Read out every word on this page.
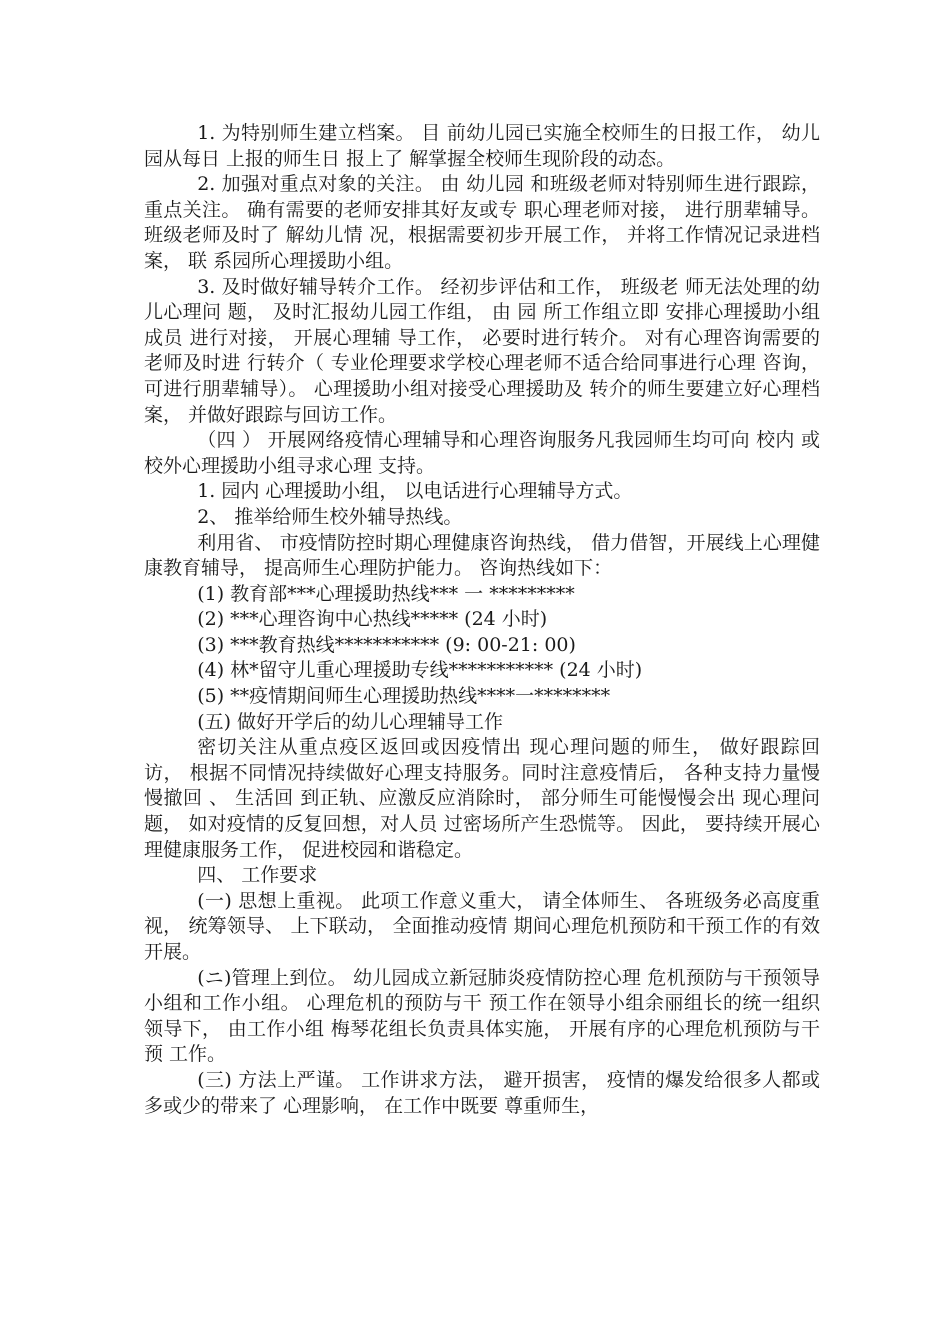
1. 为特别师生建立档案。 目 前幼儿园已实施全校师生的日报工作， 幼儿园从每日 上报的师生日 报上了 解掌握全校师生现阶段的动态。

2. 加强对重点对象的关注。 由 幼儿园 和班级老师对特别师生进行跟踪， 重点关注。 确有需要的老师安排其好友或专 职心理老师对接， 进行朋辈辅导。 班级老师及时了 解幼儿情 况，根据需要初步开展工作， 并将工作情况记录进档案， 联 系园所心理援助小组。

3. 及时做好辅导转介工作。 经初步评估和工作， 班级老 师无法处理的幼儿心理问 题， 及时汇报幼儿园工作组， 由 园 所工作组立即 安排心理援助小组成员 进行对接， 开展心理辅 导工作， 必要时进行转介。 对有心理咨询需要的老师及时进 行转介（ 专业伦理要求学校心理老师不适合给同事进行心理 咨询， 可进行朋辈辅导）。 心理援助小组对接受心理援助及 转介的师生要建立好心理档案， 并做好跟踪与回访工作。

（四 ） 开展网络疫情心理辅导和心理咨询服务凡我园师生均可向 校内 或校外心理援助小组寻求心理 支持。

1. 园内 心理援助小组， 以电话进行心理辅导方式。

2、 推举给师生校外辅导热线。

利用省、 市疫情防控时期心理健康咨询热线， 借力借智，开展线上心理健康教育辅导， 提高师生心理防护能力。 咨询热线如下：

(1) 教育部***心理援助热线*** 一 *********

(2) ***心理咨询中心热线***** (24 小时)

(3) ***教育热线*********** (9: 00-21: 00)

(4) 林*留守儿重心理援助专线*********** (24 小时)

(5) **疫情期间师生心理援助热线****一********

(五) 做好开学后的幼儿心理辅导工作

密切关注从重点疫区返回或因疫情出 现心理问题的师生， 做好跟踪回 访， 根据不同情况持续做好心理支持服务。同时注意疫情后， 各种支持力量慢慢撤回 、 生活回 到正轨、应激反应消除时， 部分师生可能慢慢会出 现心理问题， 如对疫情的反复回想，对人员 过密场所产生恐慌等。 因此， 要持续开展心理健康服务工作， 促进校园和谐稳定。

四、 工作要求

(一) 思想上重视。 此项工作意义重大， 请全体师生、 各班级务必高度重视， 统筹领导、 上下联动， 全面推动疫情 期间心理危机预防和干预工作的有效开展。

(ニ)管理上到位。 幼儿园成立新冠肺炎疫情防控心理 危机预防与干预领导小组和工作小组。 心理危机的预防与干 预工作在领导小组余丽组长的统一组织领导下， 由工作小组 梅琴花组长负责具体实施， 开展有序的心理危机预防与干预 工作。

(三) 方法上严谨。 工作讲求方法， 避开损害， 疫情的爆发给很多人都或多或少的带来了 心理影响， 在工作中既要 尊重师生，
